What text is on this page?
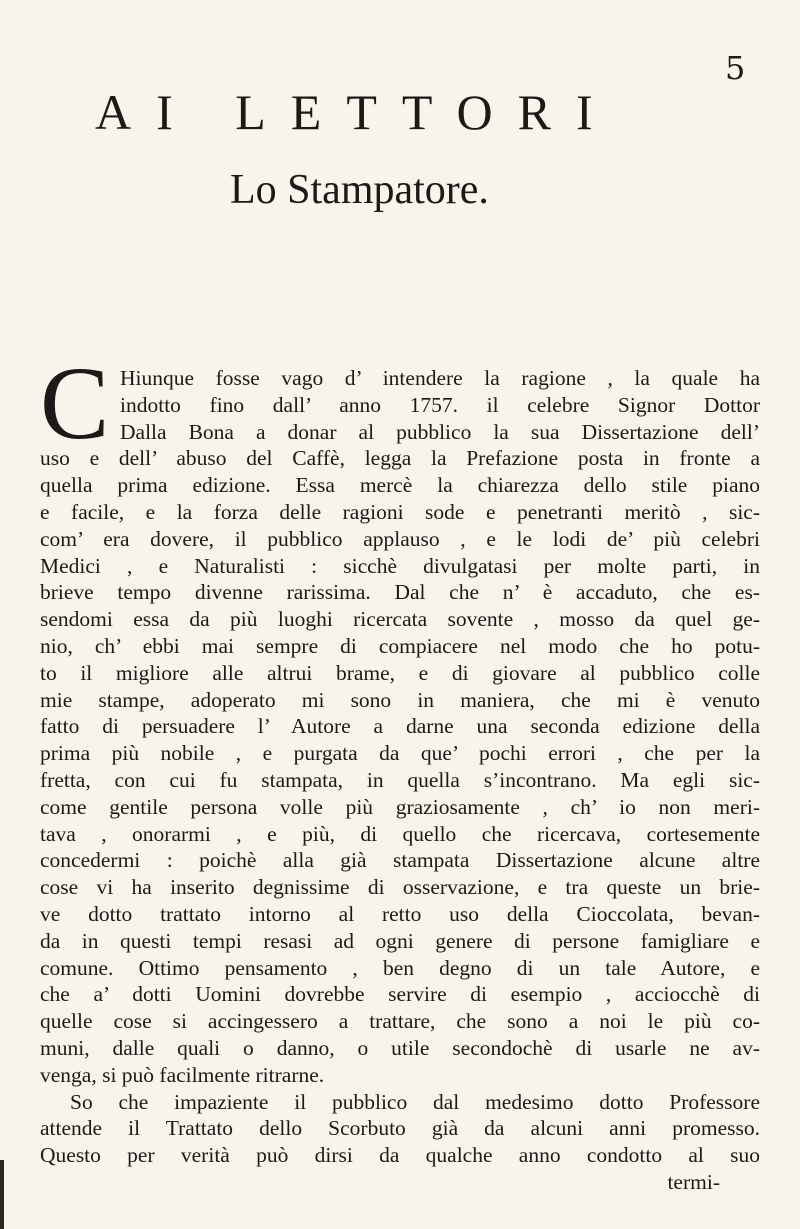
5
AI LETTORI
Lo Stampatore.
C Hiunque fosse vago d’ intendere la ragione , la quale ha
indotto fino dall’ anno 1757. il celebre Signor Dottor
Dalla Bona a donar al pubblico la sua Dissertazione dell’
uso e dell’ abuso del Caffè, legga la Prefazione posta in fronte a
quella prima edizione. Essa mercè la chiarezza dello stile piano
e facile, e la forza delle ragioni sode e penetranti meritò , sic-
com’ era dovere, il pubblico applauso , e le lodi de’ più celebri
Medici , e Naturalisti : sicchè divulgatasi per molte parti, in
brieve tempo divenne rarissima. Dal che n’ è accaduto, che es-
sendomi essa da più luoghi ricercata sovente , mosso da quel ge-
nio, ch’ ebbi mai sempre di compiacere nel modo che ho potu-
to il migliore alle altrui brame, e di giovare al pubblico colle
mie stampe, adoperato mi sono in maniera, che mi è venuto
fatto di persuadere l’ Autore a darne una seconda edizione della
prima più nobile , e purgata da que’ pochi errori , che per la
fretta, con cui fu stampata, in quella s’incontrano. Ma egli sic-
come gentile persona volle più graziosamente , ch’ io non meri-
tava , onorarmi , e più, di quello che ricercava, cortesemente
concedermi : poichè alla già stampata Dissertazione alcune altre
cose vi ha inserito degnissime di osservazione, e tra queste un brie-
ve dotto trattato intorno al retto uso della Cioccolata, bevan-
da in questi tempi resasi ad ogni genere di persone famigliare e
comune. Ottimo pensamento , ben degno di un tale Autore, e
che a’ dotti Uomini dovrebbe servire di esempio , acciocchè di
quelle cose si accingessero a trattare, che sono a noi le più co-
muni, dalle quali o danno, o utile secondochè di usarle ne av-
venga, si può facilmente ritrarne.
So che impaziente il pubblico dal medesimo dotto Professore
attende il Trattato dello Scorbuto già da alcuni anni promesso.
Questo per verità può dirsi da qualche anno condotto al suo
termi-
